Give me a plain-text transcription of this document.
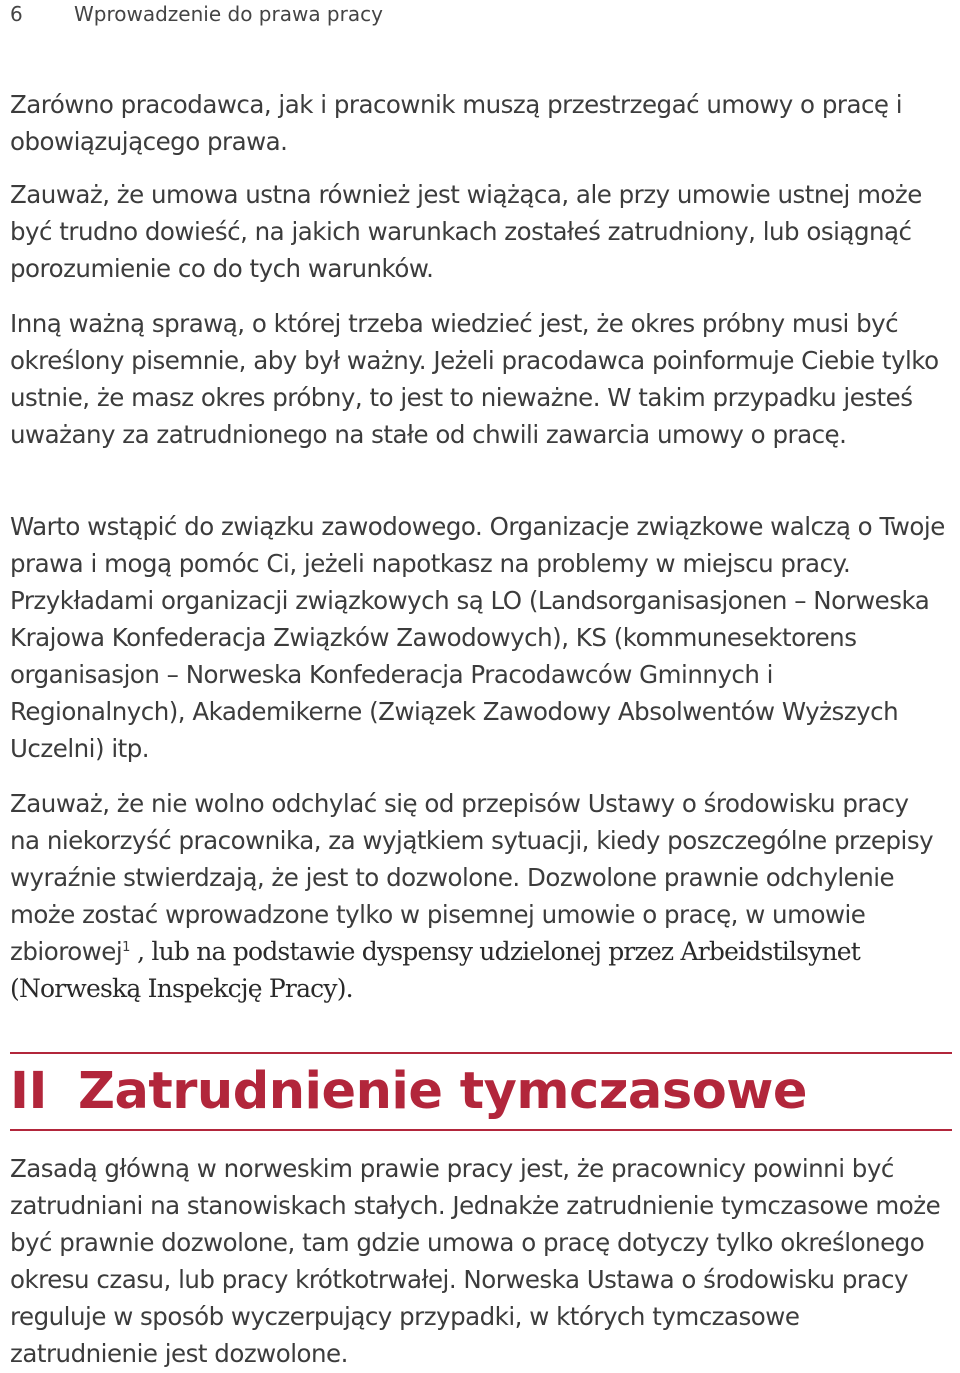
6	Wprowadzenie do prawa pracy

Zarówno pracodawca, jak i pracownik muszą przestrzegać umowy o pracę i obowiązującego prawa.

Zauważ, że umowa ustna również jest wiążąca, ale przy umowie ustnej może być trudno dowieść, na jakich warunkach zostałeś zatrudniony, lub osiągnąć porozumienie co do tych warunków.

Inną ważną sprawą, o której trzeba wiedzieć jest, że okres próbny musi być określony pisemnie, aby był ważny. Jeżeli pracodawca poinformuje Ciebie tylko ustnie, że masz okres próbny, to jest to nieważne. W takim przypadku jesteś uważany za zatrudnionego na stałe od chwili zawarcia umowy o pracę.

Warto wstąpić do związku zawodowego. Organizacje związkowe walczą o Twoje prawa i mogą pomóc Ci, jeżeli napotkasz na problemy w miejscu pracy. Przykładami organizacji związkowych są LO (Landsorganisasjonen – Norweska Krajowa Konfederacja Związków Zawodowych), KS (kommunesektorens organisasjon – Norweska Konfederacja Pracodawców Gminnych i Regionalnych), Akademikerne (Związek Zawodowy Absolwentów Wyższych Uczelni) itp.

Zauważ, że nie wolno odchylać się od przepisów Ustawy o środowisku pracy na niekorzyść pracownika, za wyjątkiem sytuacji, kiedy poszczególne przepisy wyraźnie stwierdzają, że jest to dozwolone. Dozwolone prawnie odchylenie może zostać wprowadzone tylko w pisemnej umowie o pracę, w umowie zbiorowej$^1$ , lub na podstawie dyspensy udzielonej przez Arbeidstilsynet (Norweską Inspekcję Pracy).

II Zatrudnienie tymczasowe

Zasadą główną w norweskim prawie pracy jest, że pracownicy powinni być zatrudniani na stanowiskach stałych. Jednakże zatrudnienie tymczasowe może być prawnie dozwolone, tam gdzie umowa o pracę dotyczy tylko określonego okresu czasu, lub pracy krótkotrwałej. Norweska Ustawa o środowisku pracy reguluje w sposób wyczerpujący przypadki, w których tymczasowe zatrudnienie jest dozwolone.
